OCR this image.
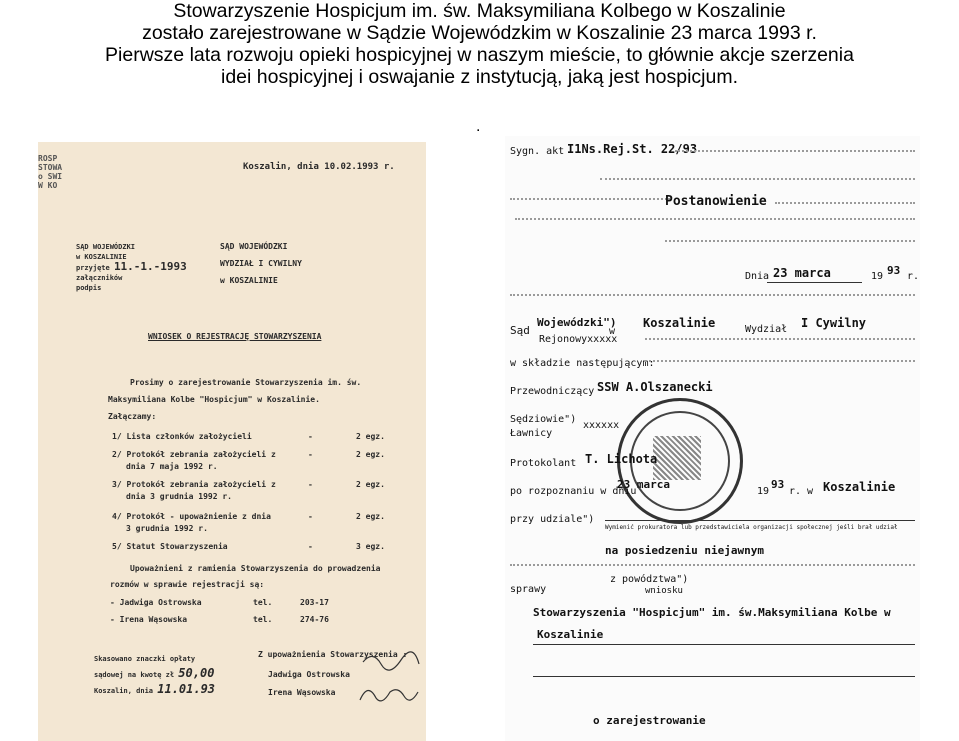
Stowarzyszenie Hospicjum im. św. Maksymiliana Kolbego w Koszalinie
zostało zarejestrowane w Sądzie Wojewódzkim w Koszalinie 23 marca 1993 r.
Pierwsze lata rozwoju opieki hospicyjnej w naszym mieście, to głównie akcje szerzenia
idei hospicyjnej i oswajanie z instytucją, jaką jest hospicjum.
.
ROSP
STOWA
o SWI
W KO
Koszalin, dnia 10.02.1993 r.
SĄD WOJEWÓDZKI
w KOSZALINIE
przyjęte 11.-1.-1993
załączników
podpis
SĄD WOJEWÓDZKI
WYDZIAŁ I CYWILNY
w KOSZALINIE
WNIOSEK O REJESTRACJĘ STOWARZYSZENIA
Prosimy o zarejestrowanie Stowarzyszenia im. św.
Maksymiliana Kolbe "Hospicjum" w Koszalinie.
Załączamy:
1/ Lista członków założycieli	-	2 egz.
2/ Protokół zebrania założycieli z
dnia 7 maja 1992 r.
-	2 egz.
3/ Protokół zebrania założycieli z
dnia 3 grudnia 1992 r.
-	2 egz.
4/ Protokół - upoważnienie z dnia
3 grudnia 1992 r.
-	2 egz.
5/ Statut Stowarzyszenia	-	3 egz.
Upoważnieni z ramienia Stowarzyszenia do prowadzenia
rozmów w sprawie rejestracji są:
- Jadwiga Ostrowska	tel.	203-17
- Irena Wąsowska	tel.	274-76
Skasowano znaczki opłaty
sądowej na kwotę zł 50,00
Koszalin, dnia 11.01.93
Z upoważnienia Stowarzyszenia :
Jadwiga Ostrowska
Irena Wąsowska
Sygn. akt I1Ns.Rej.St. 22/93
Postanowienie
Dnia 23 marca	19 93 r.
Sąd
Wojewódzki")
w
Koszalinie	Wydział I Cywilny
Rejonowyxxxxx
w składzie następującym:
Przewodniczący SSW A.Olszanecki
Sędziowie")
xxxxxx
Ławnicy
Protokolant T. Lichota
po rozpoznaniu w dniu
23 marca
19
93
r. w Koszalinie
przy udziale")
Wymienić prokuratora lub przedstawiciela organizacji społecznej jeśli brał udział
na posiedzeniu niejawnym
z powództwa")
sprawy	wniosku
Stowarzyszenia "Hospicjum" im. św.Maksymiliana Kolbe w
Koszalinie
o zarejestrowanie
